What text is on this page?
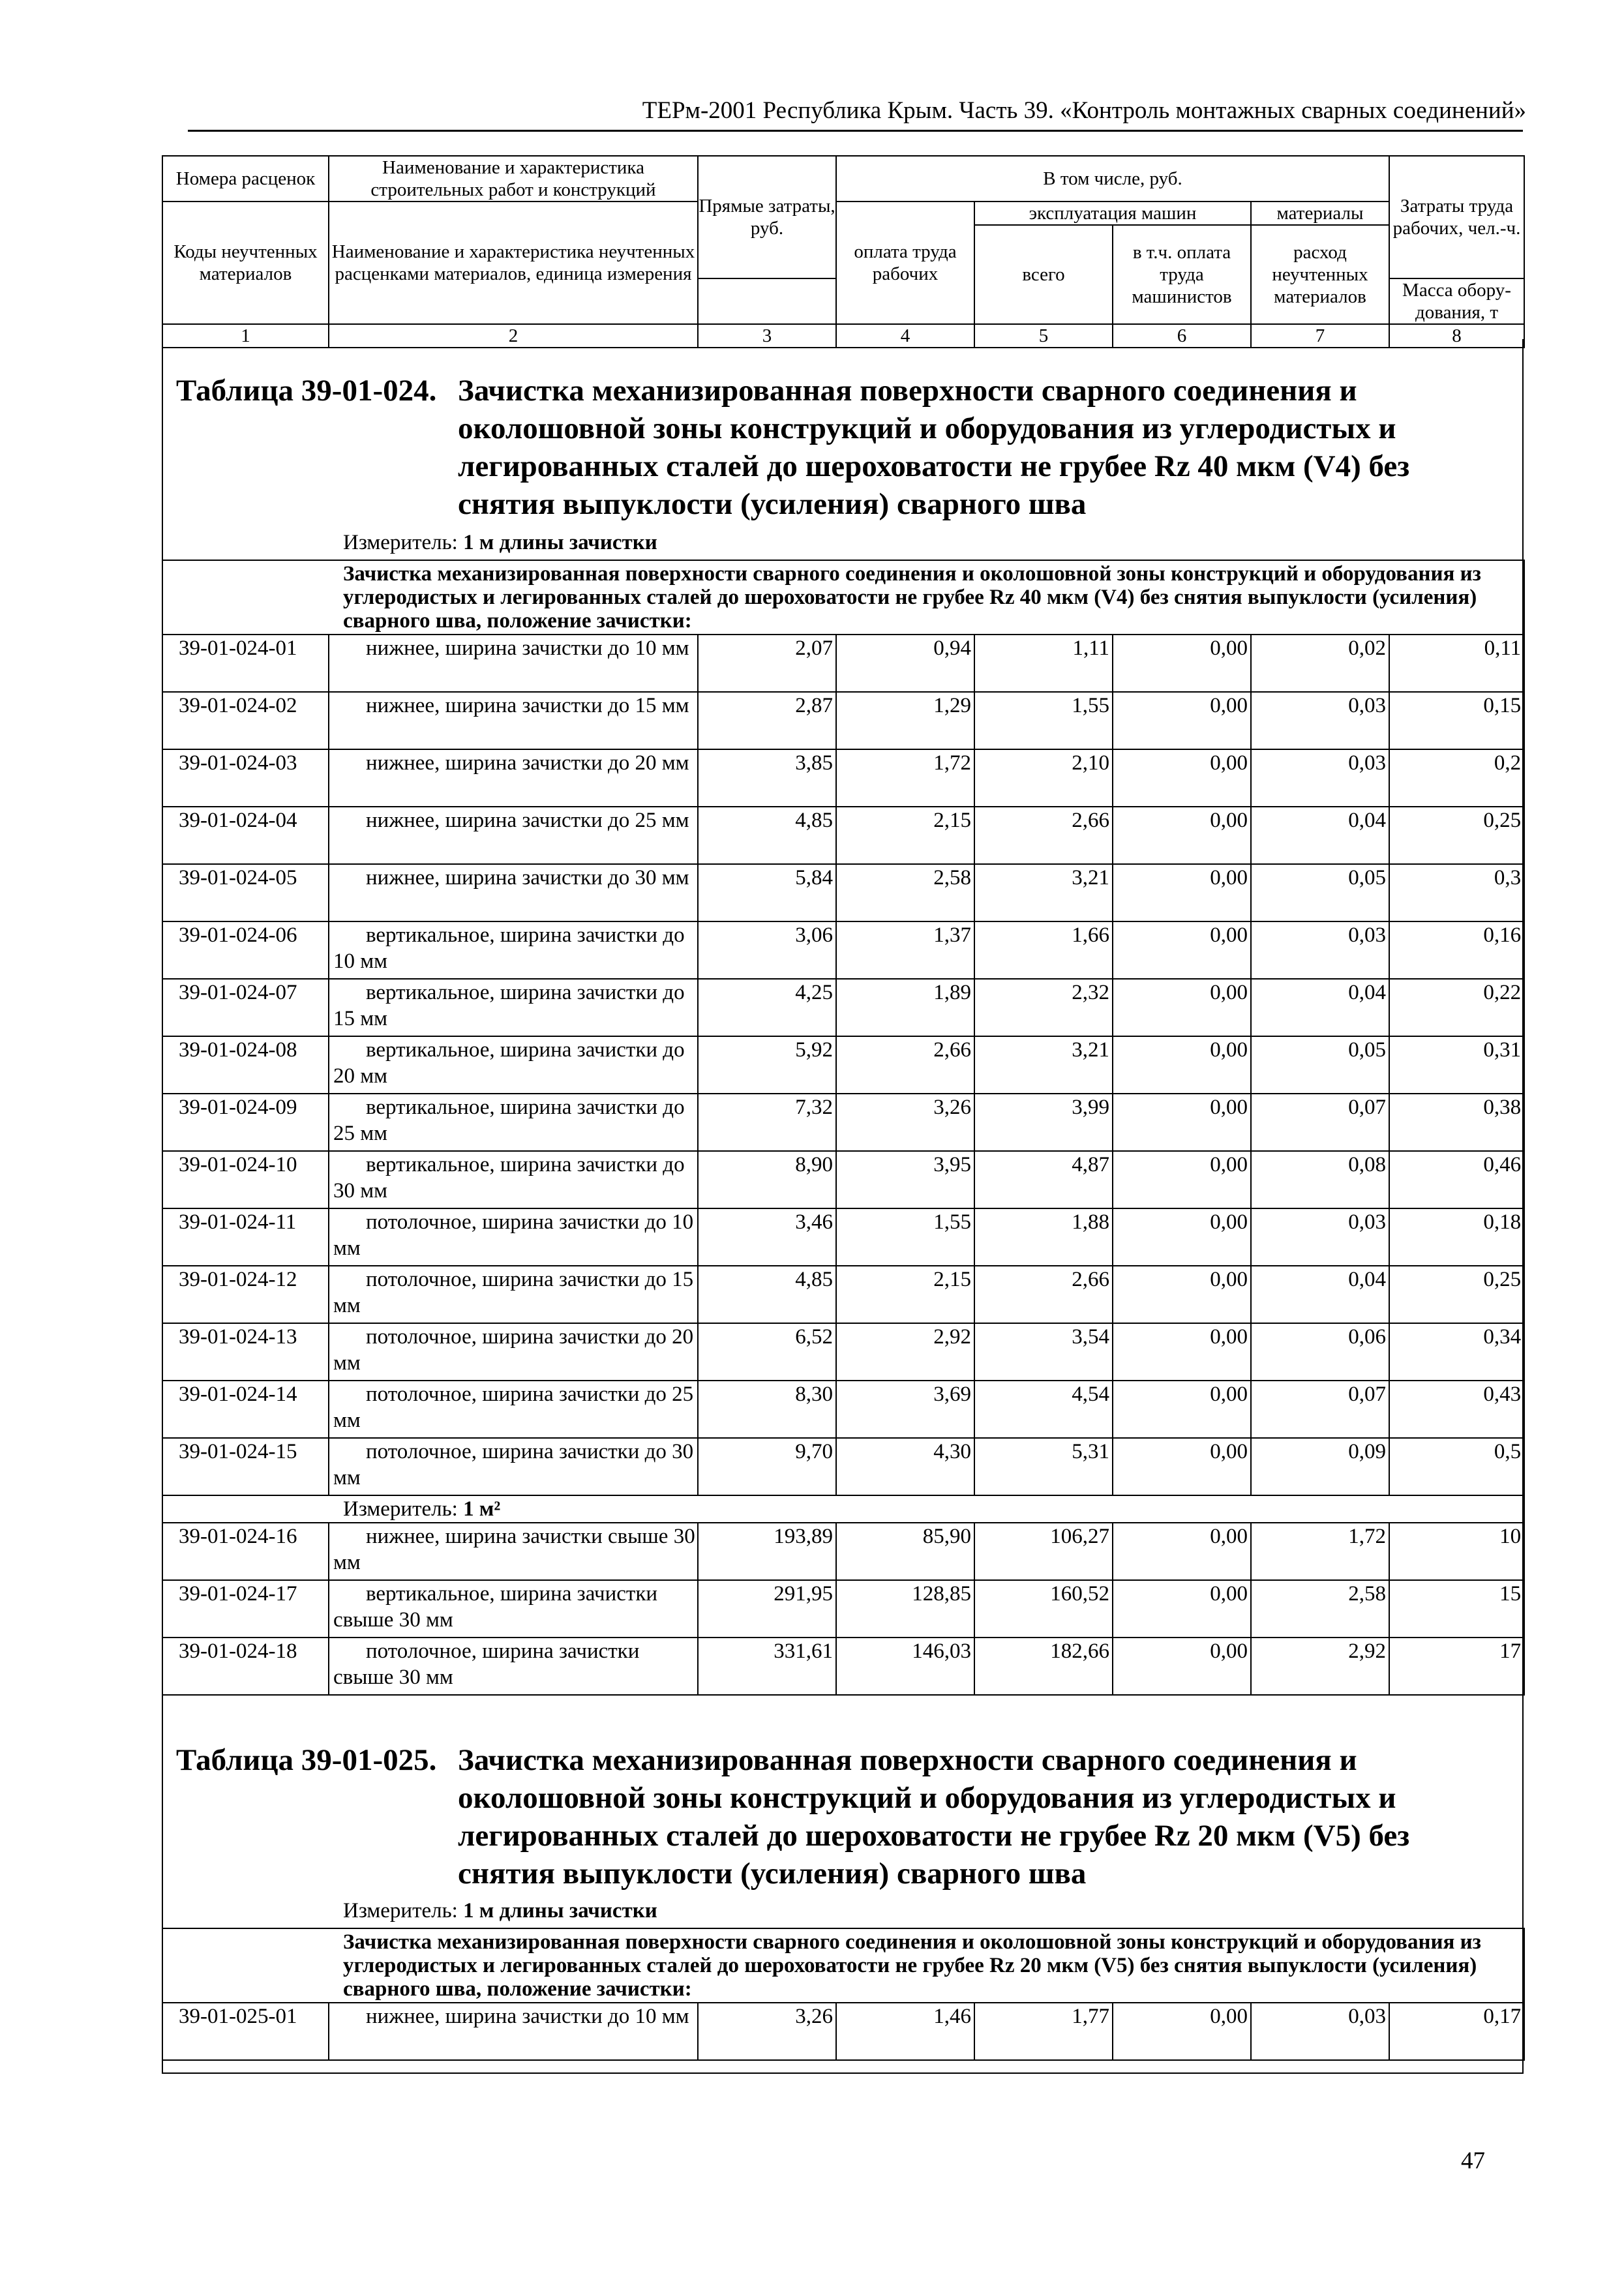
ТЕРм-2001 Республика Крым. Часть 39. «Контроль монтажных сварных соединений»
Номера расценок	Наименование и характеристика строительных работ и конструкций	Прямые затраты, руб.	В том числе, руб.				Затраты труда рабочих, чел.-ч.
Коды неучтенных материалов	Наименование и характеристика неучтенных расценками материалов, единица измерения		оплата труда рабочих	эксплуатация машин		материалы	
				всего	в т.ч. оплата труда машинистов	расход неучтенных материалов	
							Масса обору-дования, т
1	2	3	4	5	6	7	8
Таблица 39-01-024. Зачистка механизированная поверхности сварного соединения и околошовной зоны конструкций и оборудования из углеродистых и легированных сталей до шероховатости не грубее Rz 40 мкм (V4) без снятия выпуклости (усиления) сварного шва
Измеритель: 1 м длины зачистки
Зачистка механизированная поверхности сварного соединения и околошовной зоны конструкций и оборудования из углеродистых и легированных сталей до шероховатости не грубее Rz 40 мкм (V4) без снятия выпуклости (усиления) сварного шва, положение зачистки:							
39-01-024-01	нижнее, ширина зачистки до 10 мм	2,07	0,94	1,11	0,00	0,02	0,11
39-01-024-02	нижнее, ширина зачистки до 15 мм	2,87	1,29	1,55	0,00	0,03	0,15
39-01-024-03	нижнее, ширина зачистки до 20 мм	3,85	1,72	2,10	0,00	0,03	0,2
39-01-024-04	нижнее, ширина зачистки до 25 мм	4,85	2,15	2,66	0,00	0,04	0,25
39-01-024-05	нижнее, ширина зачистки до 30 мм	5,84	2,58	3,21	0,00	0,05	0,3
39-01-024-06	вертикальное, ширина зачистки до 10 мм	3,06	1,37	1,66	0,00	0,03	0,16
39-01-024-07	вертикальное, ширина зачистки до 15 мм	4,25	1,89	2,32	0,00	0,04	0,22
39-01-024-08	вертикальное, ширина зачистки до 20 мм	5,92	2,66	3,21	0,00	0,05	0,31
39-01-024-09	вертикальное, ширина зачистки до 25 мм	7,32	3,26	3,99	0,00	0,07	0,38
39-01-024-10	вертикальное, ширина зачистки до 30 мм	8,90	3,95	4,87	0,00	0,08	0,46
39-01-024-11	потолочное, ширина зачистки до 10 мм	3,46	1,55	1,88	0,00	0,03	0,18
39-01-024-12	потолочное, ширина зачистки до 15 мм	4,85	2,15	2,66	0,00	0,04	0,25
39-01-024-13	потолочное, ширина зачистки до 20 мм	6,52	2,92	3,54	0,00	0,06	0,34
39-01-024-14	потолочное, ширина зачистки до 25 мм	8,30	3,69	4,54	0,00	0,07	0,43
39-01-024-15	потолочное, ширина зачистки до 30 мм	9,70	4,30	5,31	0,00	0,09	0,5
Измеритель: 1 м²							
39-01-024-16	нижнее, ширина зачистки свыше 30 мм	193,89	85,90	106,27	0,00	1,72	10
39-01-024-17	вертикальное, ширина зачистки свыше 30 мм	291,95	128,85	160,52	0,00	2,58	15
39-01-024-18	потолочное, ширина зачистки свыше 30 мм	331,61	146,03	182,66	0,00	2,92	17
Таблица 39-01-025. Зачистка механизированная поверхности сварного соединения и околошовной зоны конструкций и оборудования из углеродистых и легированных сталей до шероховатости не грубее Rz 20 мкм (V5) без снятия выпуклости (усиления) сварного шва
Измеритель: 1 м длины зачистки
Зачистка механизированная поверхности сварного соединения и околошовной зоны конструкций и оборудования из углеродистых и легированных сталей до шероховатости не грубее Rz 20 мкм (V5) без снятия выпуклости (усиления) сварного шва, положение зачистки:
39-01-025-01	нижнее, ширина зачистки до 10 мм	3,26	1,46	1,77	0,00	0,03	0,17
47
